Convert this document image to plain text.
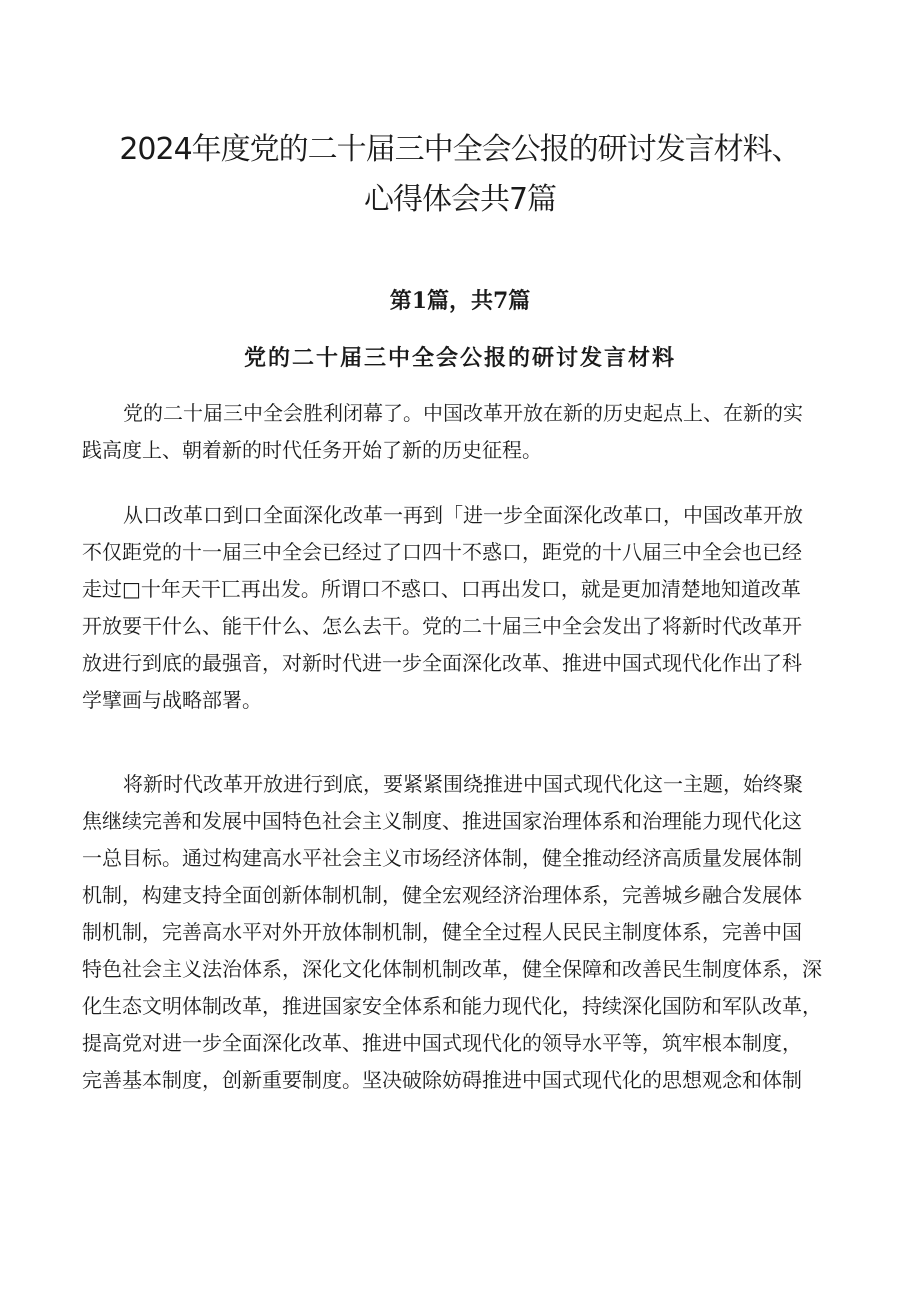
2024年度党的二十届三中全会公报的研讨发言材料、
心得体会共7篇
第1篇，共7篇
党的二十届三中全会公报的研讨发言材料

党的二十届三中全会胜利闭幕了。中国改革开放在新的历史起点上、在新的实
践高度上、朝着新的时代任务开始了新的历史征程。

从口改革口到口全面深化改革一再到「进一步全面深化改革口，中国改革开放
不仅距党的十一届三中全会已经过了口四十不惑口，距党的十八届三中全会也已经
走过□十年天干匸再出发。所谓口不惑口、口再出发口，就是更加清楚地知道改革
开放要干什么、能干什么、怎么去干。党的二十届三中全会发出了将新时代改革开
放进行到底的最强音，对新时代进一步全面深化改革、推进中国式现代化作出了科
学擘画与战略部署。

将新时代改革开放进行到底，要紧紧围绕推进中国式现代化这一主题，始终聚
焦继续完善和发展中国特色社会主义制度、推进国家治理体系和治理能力现代化这
一总目标。通过构建高水平社会主义市场经济体制，健全推动经济高质量发展体制
机制，构建支持全面创新体制机制，健全宏观经济治理体系，完善城乡融合发展体
制机制，完善高水平对外开放体制机制，健全全过程人民民主制度体系，完善中国
特色社会主义法治体系，深化文化体制机制改革，健全保障和改善民生制度体系，深
化生态文明体制改革，推进国家安全体系和能力现代化，持续深化国防和军队改革，
提高党对进一步全面深化改革、推进中国式现代化的领导水平等，筑牢根本制度，
完善基本制度，创新重要制度。坚决破除妨碍推进中国式现代化的思想观念和体制
